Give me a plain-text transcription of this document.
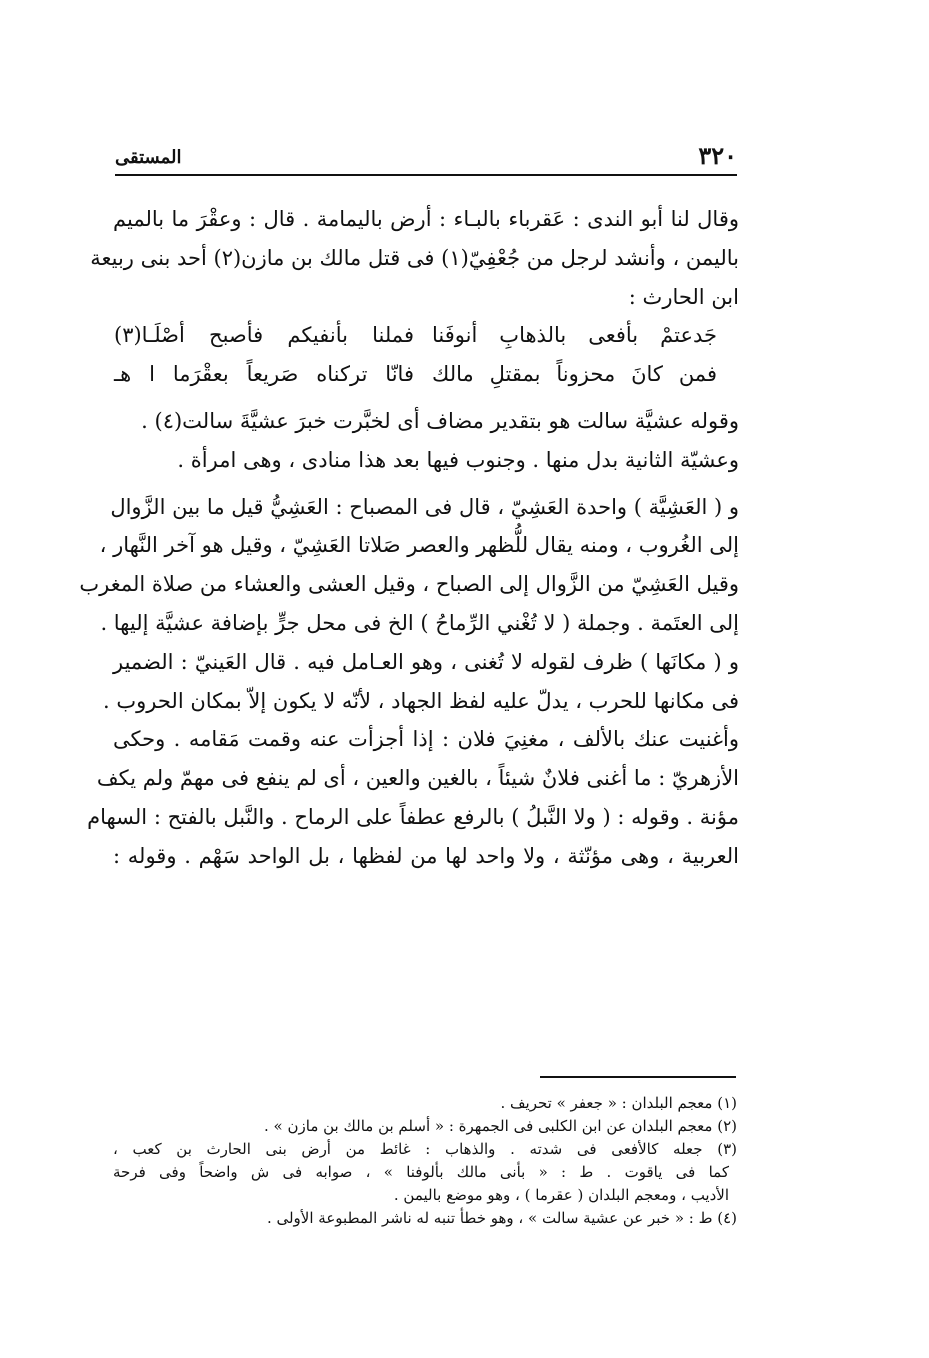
٣٢٠
المستقى
وقال لنا أبو الندى : عَقرباء بالبـاء : أرض باليمامة . قال : وعقْرَ ما بالميم
باليمن ، وأنشد لرجل من جُعْفِيّ(١) فى قتل مالك بن مازن(٢) أحد بنى ربيعة
ابن الحارث :
جَدعتمْ بأفعى بالذهابِ أنوفَنا
فملنا بأنفيكم فأصبح أصْلَـا(٣)
فمن كانَ محزوناً بمقتلِ مالك
فانّا تركناه صَريعاً بعقْرَما ا هـ
وقوله عشيَّة سالت هو بتقدير مضاف أى لخبَّرت خبرَ عشيَّةَ سالت(٤) .
وعشيّة الثانية بدل منها . وجنوب فيها بعد هذا منادى ، وهى امرأة .
و ( العَشِيَّة ) واحدة العَشِيّ ، قال فى المصباح : العَشِيُّ قيل ما بين الزَّوال
إلى الغُروب ، ومنه يقال للُّظهر والعصر صَلاتا العَشِيّ ، وقيل هو آخر النَّهار ،
وقيل العَشِيّ من الزَّوال إلى الصباح ، وقيل العشى والعشاء من صلاة المغرب
إلى العتَمة . وجملة ( لا تُغْني الرِّماحُ ) الخ فى محل جرٍّ بإضافة عشيَّة إليها .
و ( مكانَها ) ظرف لقوله لا تُغنى ، وهو العـامل فيه . قال العَينيّ : الضمير
فى مكانها للحرب ، يدلّ عليه لفظ الجهاد ، لأنّه لا يكون إلاّ بمكان الحروب .
وأغنيت عنك بالألف ، مغنِيَ فلان : إذا أجزأت عنه وقمت مَقامه . وحكى
الأزهريّ : ما أغنى فلانٌ شيئاً ، بالغين والعين ، أى لم ينفع فى مهمّ ولم يكف
مؤنة . وقوله : ( ولا النَّبلُ ) بالرفع عطفاً على الرماح . والنَّبل بالفتح : السهام
العربية ، وهى مؤنّثة ، ولا واحد لها من لفظها ، بل الواحد سَهْم . وقوله :
(١) معجم البلدان : « جعفر » تحريف .
(٢) معجم البلدان عن ابن الكلبى فى الجمهرة : « أسلم بن مالك بن مازن » .
(٣) جعله كالأفعى فى شدته . والذهاب : غائط من أرض بنى الحارث بن كعب ،
كما فى ياقوت . ط : « بأنى مالك بألوفنا » ، صوابه فى ش واضحاً وفى فرحة
الأديب ، ومعجم البلدان ( عقرما ) ، وهو موضع باليمن .
(٤) ط : « خبر عن عشية سالت » ، وهو خطأ تنبه له ناشر المطبوعة الأولى .
